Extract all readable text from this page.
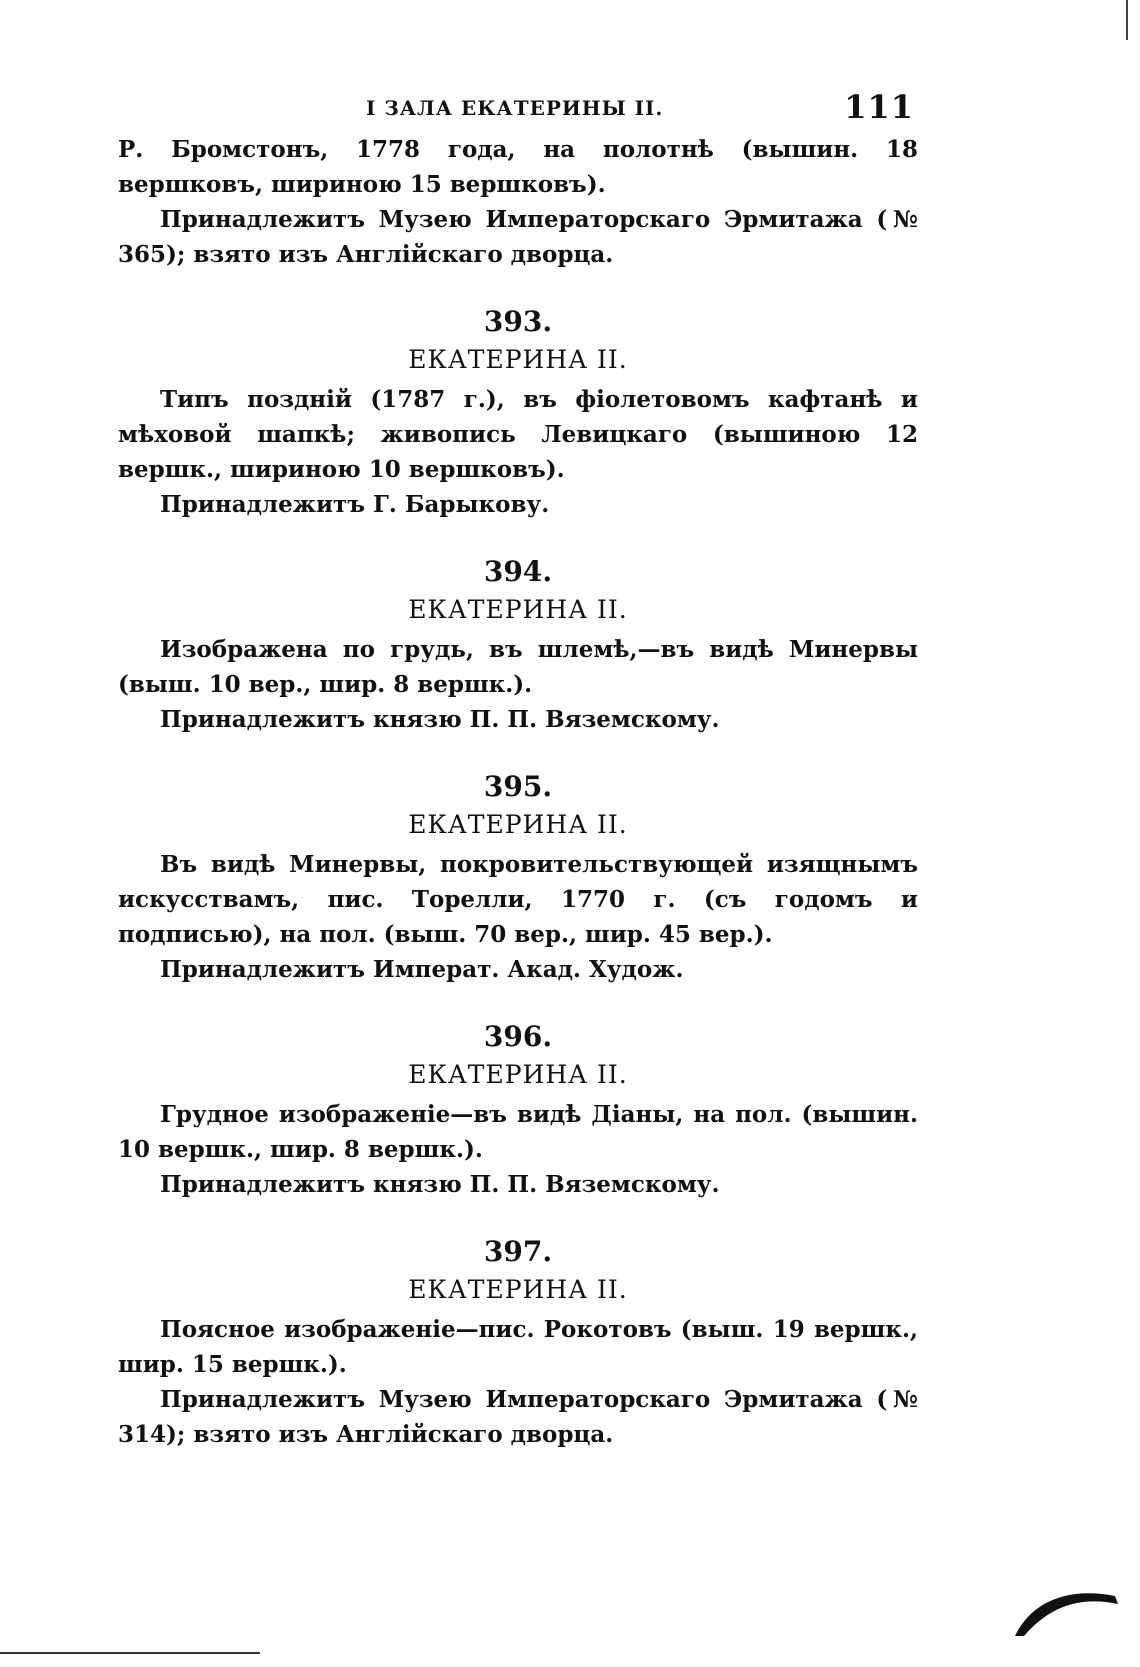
I ЗАЛА ЕКАТЕРИНЫ II.	111

Р. Бромстонъ, 1778 года, на полотнѣ (вышин. 18 вершковъ, шириною 15 вершковъ).

Принадлежитъ Музею Императорскаго Эрмитажа (№ 365); взято изъ Англійскаго дворца.

393.
ЕКАТЕРИНА II.

Типъ поздній (1787 г.), въ фіолетовомъ кафтанѣ и мѣховой шапкѣ; живопись Левицкаго (вышиною 12 вершк., шириною 10 вершковъ).

Принадлежитъ Г. Барыкову.

394.
ЕКАТЕРИНА II.

Изображена по грудь, въ шлемѣ,—въ видѣ Минервы (выш. 10 вер., шир. 8 вершк.).

Принадлежитъ князю П. П. Вяземскому.

395.
ЕКАТЕРИНА II.

Въ видѣ Минервы, покровительствующей изящнымъ искусствамъ, пис. Торелли, 1770 г. (съ годомъ и подписью), на пол. (выш. 70 вер., шир. 45 вер.).

Принадлежитъ Императ. Акад. Худож.

396.
ЕКАТЕРИНА II.

Грудное изображеніе—въ видѣ Діаны, на пол. (вышин. 10 вершк., шир. 8 вершк.).

Принадлежитъ князю П. П. Вяземскому.

397.
ЕКАТЕРИНА II.

Поясное изображеніе—пис. Рокотовъ (выш. 19 вершк., шир. 15 вершк.).

Принадлежитъ Музею Императорскаго Эрмитажа (№ 314); взято изъ Англійскаго дворца.
